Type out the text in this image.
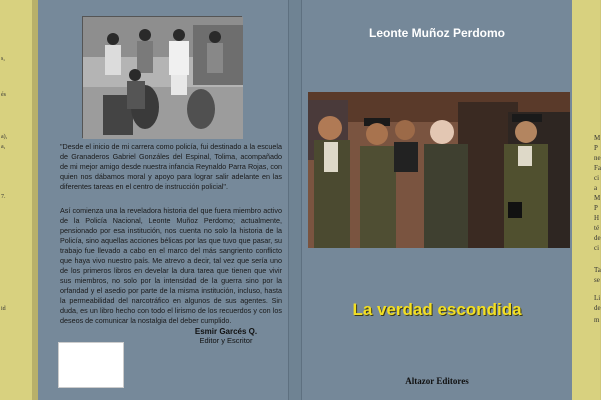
s,
és
a),
a,
7.
id
M
P
ne
Fa
ci
a
M
P
H
té
de
ci
Ta
se
Li
de
m
"Desde el inicio de mi carrera como policía, fui destinado a la escuela de Granaderos Gabriel Gonzáles del Espinal, Tolima, acompañado de mi mejor amigo desde nuestra infancia Reynaldo Parra Rojas, con quien nos dábamos moral y apoyo para lograr salir adelante en las diferentes tareas en el centro de instrucción policial".
Así comienza una la reveladora historia del que fuera miembro activo de la Policía Nacional, Leonte Muñoz Perdomo; actualmente, pensionado por esa institución, nos cuenta no solo la historia de la Policía, sino aquellas acciones bélicas por las que tuvo que pasar, su trabajo fue llevado a cabo en el marco del más sangriento conflicto que haya vivo nuestro país. Me atrevo a decir, tal vez que sería uno de los primeros libros en develar la dura tarea que tienen que vivir sus miembros, no solo por la intensidad de la guerra sino por la orfandad y el asedio por parte de la misma institución, incluso, hasta la permeabilidad del narcotráfico en algunos de sus agentes. Sin duda, es un libro hecho con todo el lirismo de los recuerdos y con los deseos de comunicar la nostalgia del deber cumplido.
Esmir Garcés Q.
Editor y Escritor
Leonte Muñoz Perdomo
La verdad escondida
Altazor Editores
